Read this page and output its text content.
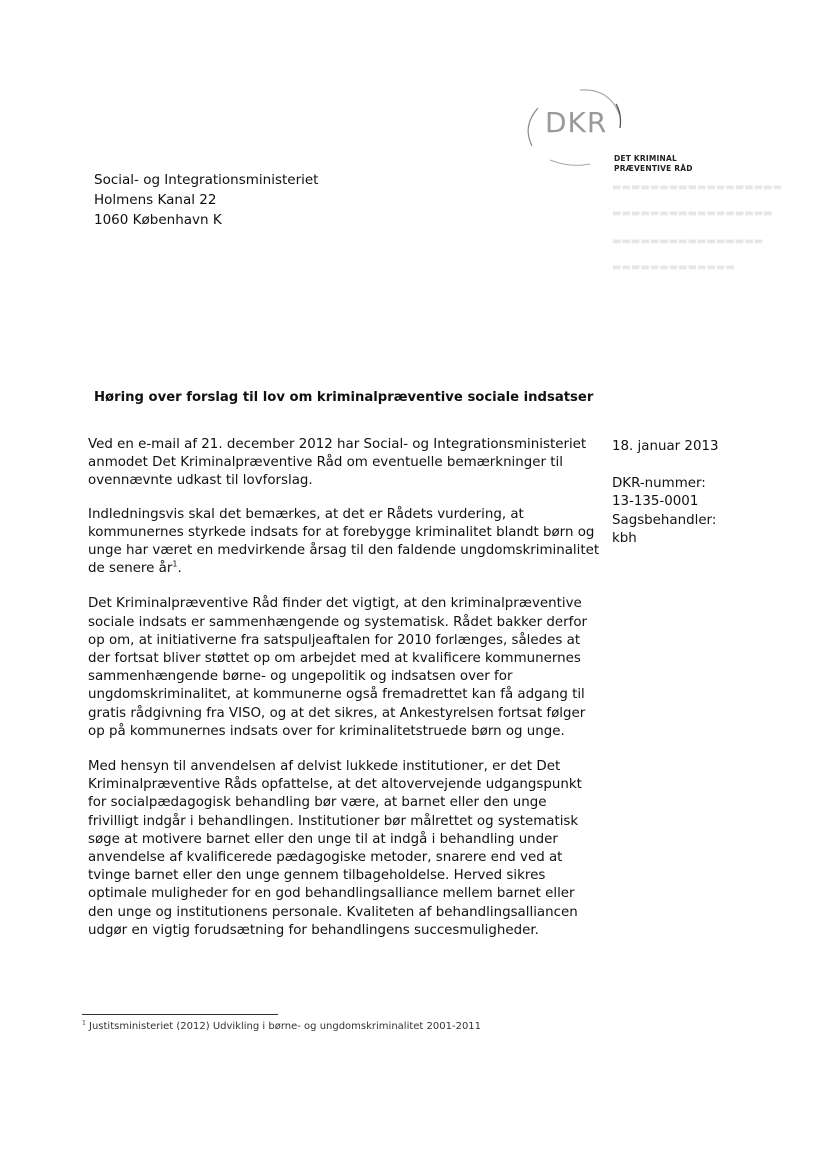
▬▬▬▬▬▬▬▬▬▬▬▬▬▬▬▬▬▬
▬▬▬▬▬▬▬▬▬▬▬▬▬▬▬▬▬
▬▬▬▬▬▬▬▬▬▬▬▬▬▬▬▬
▬▬▬▬▬▬▬▬▬▬▬▬▬
DKR
DET KRIMINAL
PRÆVENTIVE RÅD
Social- og Integrationsministeriet
Holmens Kanal 22
1060 København K
Høring over forslag til lov om kriminalpræventive sociale indsatser

Ved en e-mail af 21. december 2012 har Social- og Integrationsministeriet anmodet Det Kriminalpræventive Råd om eventuelle bemærkninger til ovennævnte udkast til lovforslag.

Indledningsvis skal det bemærkes, at det er Rådets vurdering, at kommunernes styrkede indsats for at forebygge kriminalitet blandt børn og unge har været en medvirkende årsag til den faldende ungdomskriminalitet de senere $år^1$.

Det Kriminalpræventive Råd finder det vigtigt, at den kriminalpræventive sociale indsats er sammenhængende og systematisk. Rådet bakker derfor op om, at initiativerne fra satspuljeaftalen for 2010 forlænges, således at der fortsat bliver støttet op om arbejdet med at kvalificere kommunernes sammenhængende børne- og ungepolitik og indsatsen over for ungdomskriminalitet, at kommunerne også fremadrettet kan få adgang til gratis rådgivning fra VISO, og at det sikres, at Ankestyrelsen fortsat følger op på kommunernes indsats over for kriminalitetstruede børn og unge.

Med hensyn til anvendelsen af delvist lukkede institutioner, er det Det Kriminalpræventive Råds opfattelse, at det altovervejende udgangspunkt for socialpædagogisk behandling bør være, at barnet eller den unge frivilligt indgår i behandlingen. Institutioner bør målrettet og systematisk søge at motivere barnet eller den unge til at indgå i behandling under anvendelse af kvalificerede pædagogiske metoder, snarere end ved at tvinge barnet eller den unge gennem tilbageholdelse. Herved sikres optimale muligheder for en god behandlingsalliance mellem barnet eller den unge og institutionens personale. Kvaliteten af behandlingsalliancen udgør en vigtig forudsætning for behandlingens succesmuligheder.

18. januar 2013
DKR-nummer:
13-135-0001
Sagsbehandler:
kbh
$^1$ Justitsministeriet (2012) Udvikling i børne- og ungdomskriminalitet 2001-2011
